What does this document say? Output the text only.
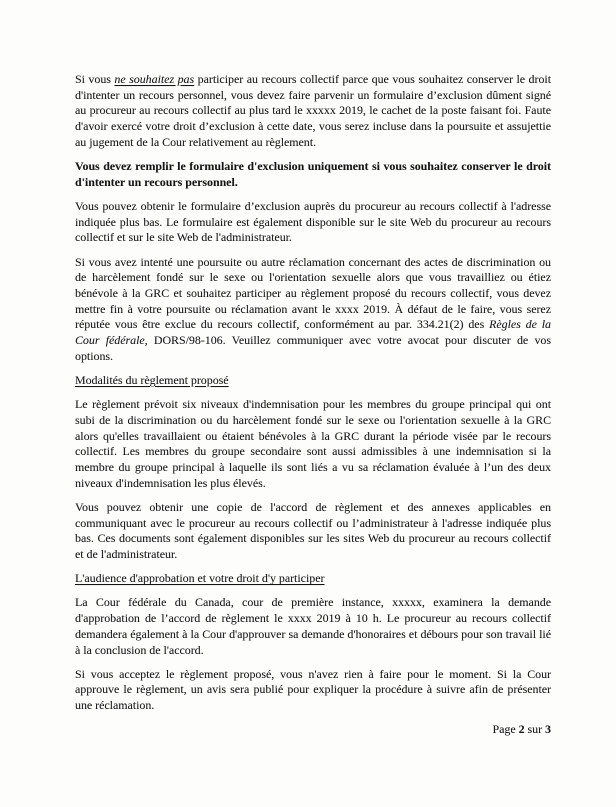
Si vous ne souhaitez pas participer au recours collectif parce que vous souhaitez conserver le droit d'intenter un recours personnel, vous devez faire parvenir un formulaire d’exclusion dûment signé au procureur au recours collectif au plus tard le xxxxx 2019, le cachet de la poste faisant foi. Faute d'avoir exercé votre droit d’exclusion à cette date, vous serez incluse dans la poursuite et assujettie au jugement de la Cour relativement au règlement.

Vous devez remplir le formulaire d'exclusion uniquement si vous souhaitez conserver le droit d'intenter un recours personnel.

Vous pouvez obtenir le formulaire d’exclusion auprès du procureur au recours collectif à l'adresse indiquée plus bas. Le formulaire est également disponible sur le site Web du procureur au recours collectif et sur le site Web de l'administrateur.

Si vous avez intenté une poursuite ou autre réclamation concernant des actes de discrimination ou de harcèlement fondé sur le sexe ou l'orientation sexuelle alors que vous travailliez ou étiez bénévole à la GRC et souhaitez participer au règlement proposé du recours collectif, vous devez mettre fin à votre poursuite ou réclamation avant le xxxx 2019. À défaut de le faire, vous serez réputée vous être exclue du recours collectif, conformément au par. 334.21(2) des Règles de la Cour fédérale, DORS/98-106. Veuillez communiquer avec votre avocat pour discuter de vos options.

Modalités du règlement proposé

Le règlement prévoit six niveaux d'indemnisation pour les membres du groupe principal qui ont subi de la discrimination ou du harcèlement fondé sur le sexe ou l'orientation sexuelle à la GRC alors qu'elles travaillaient ou étaient bénévoles à la GRC durant la période visée par le recours collectif. Les membres du groupe secondaire sont aussi admissibles à une indemnisation si la membre du groupe principal à laquelle ils sont liés a vu sa réclamation évaluée à l’un des deux niveaux d'indemnisation les plus élevés.

Vous pouvez obtenir une copie de l'accord de règlement et des annexes applicables en communiquant avec le procureur au recours collectif ou l’administrateur à l'adresse indiquée plus bas. Ces documents sont également disponibles sur les sites Web du procureur au recours collectif et de l'administrateur.

L'audience d'approbation et votre droit d'y participer

La Cour fédérale du Canada, cour de première instance, xxxxx, examinera la demande d'approbation de l’accord de règlement le xxxx 2019 à 10 h. Le procureur au recours collectif demandera également à la Cour d'approuver sa demande d'honoraires et débours pour son travail lié à la conclusion de l'accord.

Si vous acceptez le règlement proposé, vous n'avez rien à faire pour le moment. Si la Cour approuve le règlement, un avis sera publié pour expliquer la procédure à suivre afin de présenter une réclamation.

Page 2 sur 3
